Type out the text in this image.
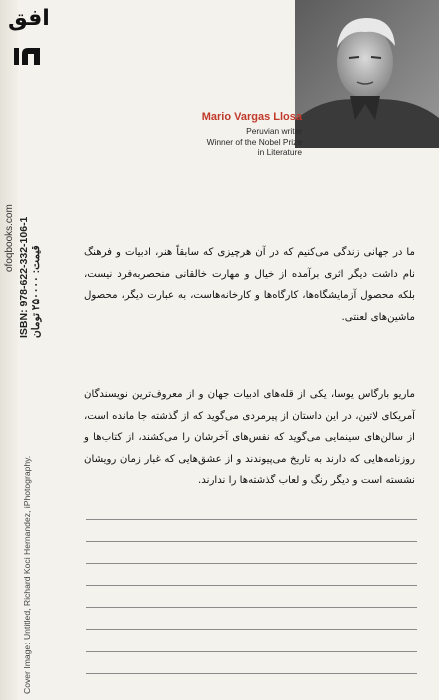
افق
ISBN: 978-622-332-106-1 قیمت: ۲۵۰۰۰۰ تومان
ofoqbooks.com
Cover Image: Untitled, Richard Koci Hernandez, iPhotography.
Mario Vargas Llosa
Peruvian writer
Winner of the Nobel Prize
in Literature
ما در جهانی زندگی می‌کنیم که در آن هرچیزی که سابقاً هنر، ادبیات و فرهنگ نام داشت دیگر اثری برآمده از خیال و مهارت خالقانی منحصربه‌فرد نیست، بلکه محصول آزمایشگاه‌ها، کارگاه‌ها و کارخانه‌هاست، به عبارت دیگر، محصول ماشین‌های لعنتی.
ماریو بارگاس یوسا، یکی از قله‌های ادبیات جهان و از معروف‌ترین نویسندگان آمریکای لاتین، در این داستان از پیرمردی می‌گوید که از گذشته جا مانده است، از سالن‌های سینمایی می‌گوید که نفس‌های آخرشان را می‌کشند، از کتاب‌ها و روزنامه‌هایی که دارند به تاریخ می‌پیوندند و از عشق‌هایی که غبار زمان رویشان نشسته است و دیگر رنگ و لعاب گذشته‌ها را ندارند.
